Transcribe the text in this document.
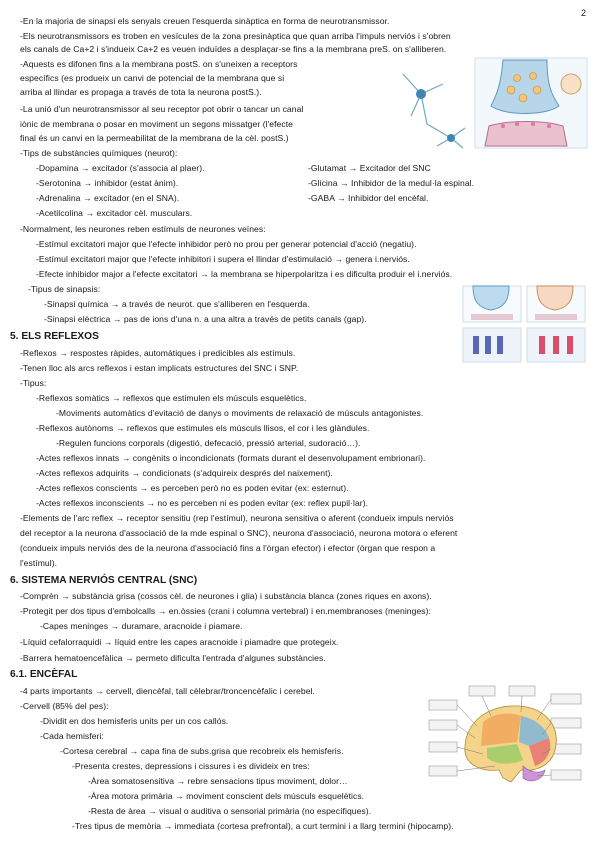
2
-En la majoria de sinapsi els senyals creuen l'esquerda sinàptica en forma de neurotransmissor.
-Els neurotransmissors es troben en vesícules de la zona presinàptica que quan arriba l'impuls nerviós i s'obren
els canals de Ca+2 i s'indueix Ca+2 es veuen induïdes a desplaçar-se fins a la membrana preS. on s'alliberen.
-Aquests es difonen fins a la membrana postS. on s'uneixen a receptors
específics (es produeix un canvi de potencial de la membrana que si
arriba al llindar es propaga a través de tota la neurona postS.).
-La unió d'un neurotransmissor al seu receptor pot obrir o tancar un canal
iònic de membrana o posar en moviment un segons missatger (l'efecte
final és un canvi en la permeabilitat de la membrana de la cèl. postS.)
-Tips de substàncies químiques (neurot):
-Dopamina → excitador (s'associa al plaer).
-Serotonina → inhibidor (estat ànim).
-Adrenalina → excitador (en el SNA).
-Acetilcolina → excitador cèl. musculars.
-Glutamat → Excitador del SNC
-Glicina → Inhibidor de la medul·la espinal.
-GABA → Inhibidor del encèfal.
-Normalment, les neurones reben estímuls de neurones veïnes:
-Estímul excitatori major que l'efecte inhibidor però no prou per generar potencial d'acció (negatiu).
-Estímul excitatori major que l'efecte inhibitori i supera el llindar d'estimulació → genera i.nerviós.
-Efecte inhibidor major a l'efecte excitatori → la membrana se hiperpolaritza i es dificulta produir el i.nerviós.
-Tipus de sinapsis:
-Sinapsi química → a través de neurot. que s'alliberen en l'esquerda.
-Sinapsi elèctrica → pas de ions d'una n. a una altra a través de petits canals (gap).
5. ELS REFLEXOS
-Reflexos → respostes ràpides, automàtiques i predicibles als estímuls.
-Tenen lloc als arcs reflexos i estan implicats estructures del SNC i SNP.
-Tipus:
-Reflexos somàtics → reflexos que estimulen els músculs esquelètics.
-Moviments automàtics d'evitació de danys o moviments de relaxació de músculs antagonistes.
-Reflexos autònoms → reflexos que estimules els músculs llisos, el cor i les glàndules.
-Regulen funcions corporals (digestió, defecació, pressió arterial, sudoració…).
-Actes reflexos innats → congènits o incondicionats (formats durant el desenvolupament embrionari).
-Actes reflexos adquirits → condicionats (s'adquireix després del naixement).
-Actes reflexos conscients → es perceben però no es poden evitar (ex: esternut).
-Actes reflexos inconscients → no es perceben ni es poden evitar (ex: reflex pupil·lar).
-Elements de l'arc reflex → receptor sensitiu (rep l'estímul), neurona sensitiva o aferent (condueix impuls nerviós
del receptor a la neurona d'associació de la mde espinal o SNC), neurona d'associació, neurona motora o eferent
(condueix impuls nerviós des de la neurona d'associació fins a l'òrgan efector) i efector (òrgan que respon a
l'estímul).
6. SISTEMA NERVIÓS CENTRAL (SNC)
-Comprèn → substància grisa (cossos cèl. de neurones i glia) i substància blanca (zones riques en axons).
-Protegit per dos tipus d'embolcalls → en.òssies (crani i columna vertebral) i en.membranoses (meninges):
-Capes meninges → duramare, aracnoide i piamare.
-Líquid cefalorraquidi → líquid entre les capes aracnoide i piamadre que protegeix.
-Barrera hematoencefàlica → permeto dificulta l'entrada d'algunes substàncies.
6.1. ENCÈFAL
-4 parts importants → cervell, diencèfal, tall cèlebrar/troncencèfalic i cerebel.
-Cervell (85% del pes):
-Dividit en dos hemisferis units per un cos callós.
-Cada hemisferi:
-Cortesa cerebral → capa fina de subs.grisa que recobreix els hemisferis.
-Presenta crestes, depressions i cissures i es divideix en tres:
-Àrea somatosensitiva → rebre sensacions tipus moviment, dolor…
-Àrea motora primària → moviment conscient dels músculs esquelètics.
-Resta de àrea → visual o auditiva o sensorial primària (no específiques).
-Tres tipus de memòria → immediata (cortesa prefrontal), a curt termini i a llarg termini (hipocamp).
